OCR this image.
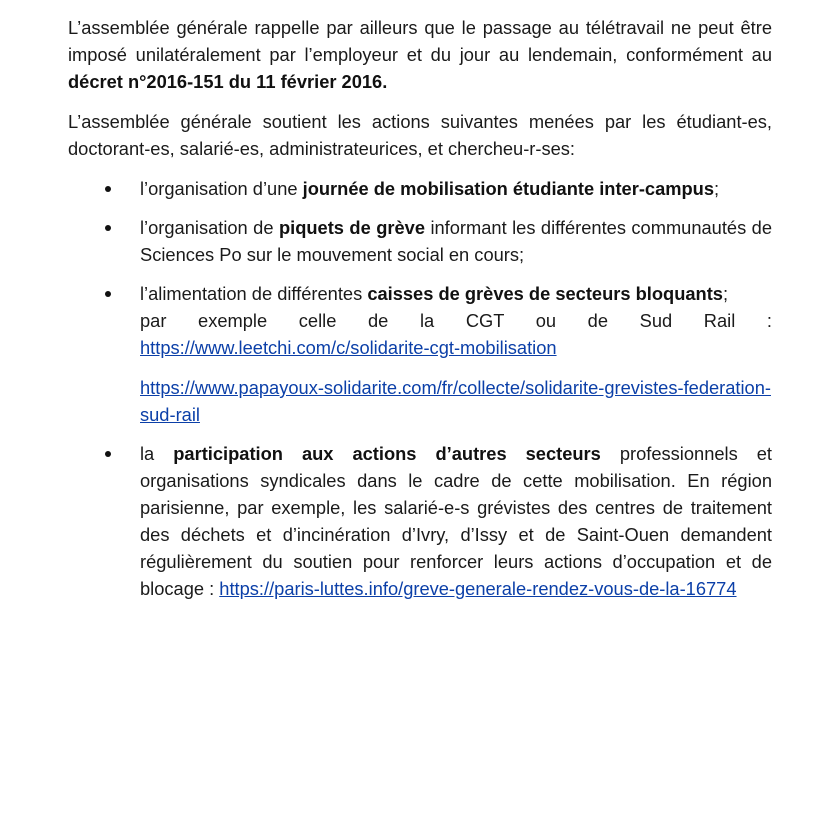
L’assemblée générale rappelle par ailleurs que le passage au télétravail ne peut être imposé unilatéralement par l’employeur et du jour au lendemain, conformément au décret n°2016-151 du 11 février 2016.

L’assemblée générale soutient les actions suivantes menées par les étudiant-es, doctorant-es, salarié-es, administrateurices, et chercheu-r-ses:

l’organisation d’une journée de mobilisation étudiante inter-campus;
l’organisation de piquets de grève informant les différentes communautés de Sciences Po sur le mouvement social en cours;
l’alimentation de différentes caisses de grèves de secteurs bloquants;
par exemple celle de la CGT ou de Sud Rail :
https://www.leetchi.com/c/solidarite-cgt-mobilisation
https://www.papayoux-solidarite.com/fr/collecte/solidarite-grevistes-federation-sud-rail
la participation aux actions d’autres secteurs professionnels et organisations syndicales dans le cadre de cette mobilisation. En région parisienne, par exemple, les salarié-e-s grévistes des centres de traitement des déchets et d’incinération d’Ivry, d’Issy et de Saint-Ouen demandent régulièrement du soutien pour renforcer leurs actions d’occupation et de blocage : https://paris-luttes.info/greve-generale-rendez-vous-de-la-16774
